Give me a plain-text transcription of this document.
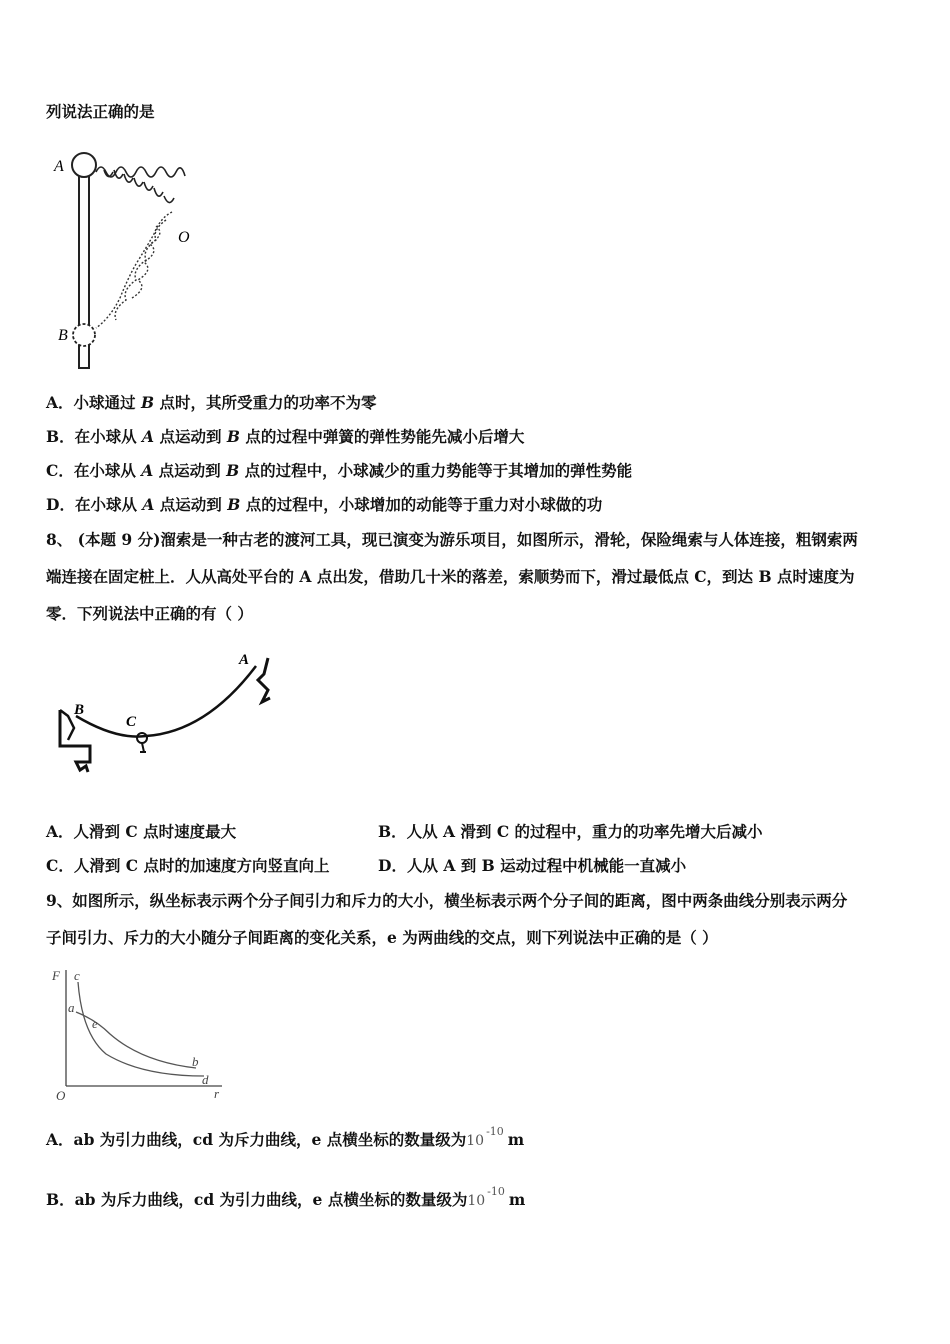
列说法正确的是
A
O
B
A．小球通过 B 点时，其所受重力的功率不为零
B．在小球从 A 点运动到 B 点的过程中弹簧的弹性势能先减小后增大
C．在小球从 A 点运动到 B 点的过程中，小球减少的重力势能等于其增加的弹性势能
D．在小球从 A 点运动到 B 点的过程中，小球增加的动能等于重力对小球做的功
8、 (本题 9 分)溜索是一种古老的渡河工具，现已演变为游乐项目，如图所示，滑轮，保险绳索与人体连接，粗钢索两
端连接在固定桩上．人从高处平台的 A 点出发，借助几十米的落差，索顺势而下，滑过最低点 C，到达 B 点时速度为
零．下列说法中正确的有（ ）
B
C
A
A．人滑到 C 点时速度最大	B．人从 A 滑到 C 的过程中，重力的功率先增大后减小
C．人滑到 C 点时的加速度方向竖直向上	D．人从 A 到 B 运动过程中机械能一直减小
9、如图所示，纵坐标表示两个分子间引力和斥力的大小，横坐标表示两个分子间的距离，图中两条曲线分别表示两分
子间引力、斥力的大小随分子间距离的变化关系，e 为两曲线的交点，则下列说法中正确的是（ ）
F c
a
e
b
d
O	r
A．ab 为引力曲线，cd 为斥力曲线，e 点横坐标的数量级为$10^{-10}$ m
B．ab 为斥力曲线，cd 为引力曲线，e 点横坐标的数量级为$10^{-10}$ m
